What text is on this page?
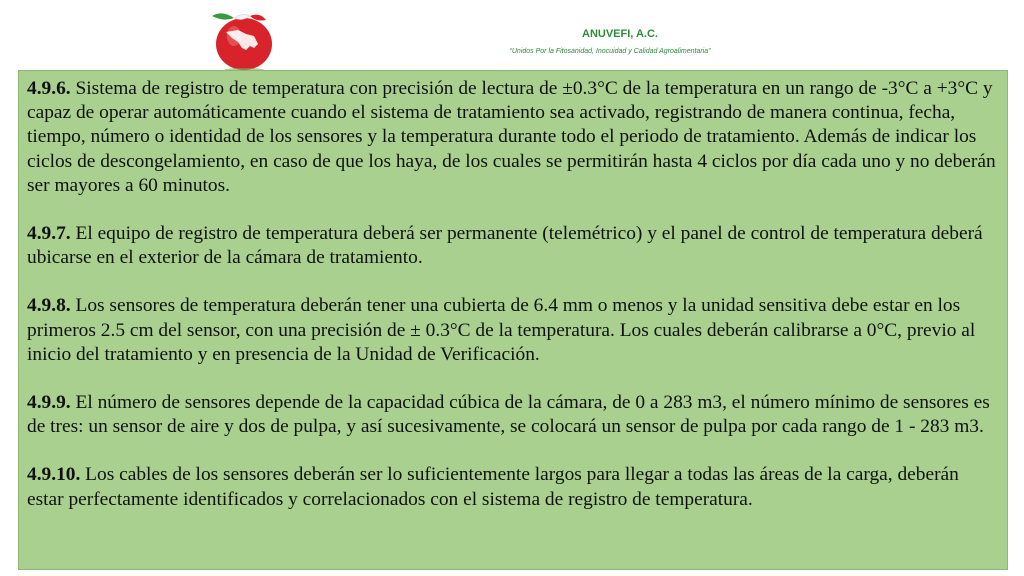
ANUVEFI, A.C.
“Unidos Por la Fitosanidad, Inocuidad y Calidad Agroalimentaria”

4.9.6. Sistema de registro de temperatura con precisión de lectura de ±0.3°C de la temperatura en un rango de -3°C a +3°C y capaz de operar automáticamente cuando el sistema de tratamiento sea activado, registrando de manera continua, fecha, tiempo, número o identidad de los sensores y la temperatura durante todo el periodo de tratamiento. Además de indicar los ciclos de descongelamiento, en caso de que los haya, de los cuales se permitirán hasta 4 ciclos por día cada uno y no deberán ser mayores a 60 minutos.

4.9.7. El equipo de registro de temperatura deberá ser permanente (telemétrico) y el panel de control de temperatura deberá ubicarse en el exterior de la cámara de tratamiento.

4.9.8. Los sensores de temperatura deberán tener una cubierta de 6.4 mm o menos y la unidad sensitiva debe estar en los primeros 2.5 cm del sensor, con una precisión de ± 0.3°C de la temperatura. Los cuales deberán calibrarse a 0°C, previo al inicio del tratamiento y en presencia de la Unidad de Verificación.

4.9.9. El número de sensores depende de la capacidad cúbica de la cámara, de 0 a 283 m3, el número mínimo de sensores es de tres: un sensor de aire y dos de pulpa, y así sucesivamente, se colocará un sensor de pulpa por cada rango de 1 - 283 m3.

4.9.10. Los cables de los sensores deberán ser lo suficientemente largos para llegar a todas las áreas de la carga, deberán estar perfectamente identificados y correlacionados con el sistema de registro de temperatura.
